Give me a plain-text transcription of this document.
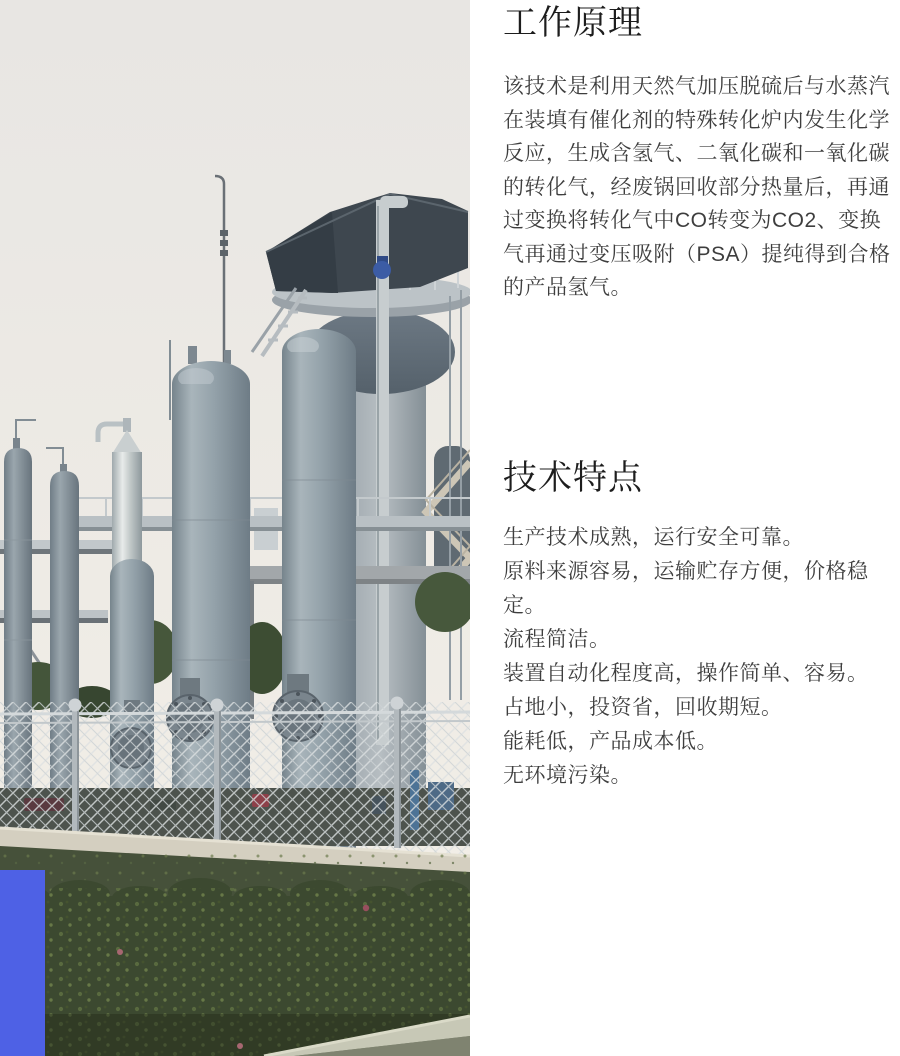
工作原理

该技术是利用天然气加压脱硫后与水蒸汽在装填有催化剂的特殊转化炉内发生化学反应，生成含氢气、二氧化碳和一氧化碳的转化气，经废锅回收部分热量后，再通过变换将转化气中CO转变为CO2、变换气再通过变压吸附（PSA）提纯得到合格的产品氢气。

技术特点
生产技术成熟，运行安全可靠。
原料来源容易，运输贮存方便，价格稳定。
流程简洁。
装置自动化程度高，操作简单、容易。
占地小，投资省，回收期短。
能耗低，产品成本低。
无环境污染。
